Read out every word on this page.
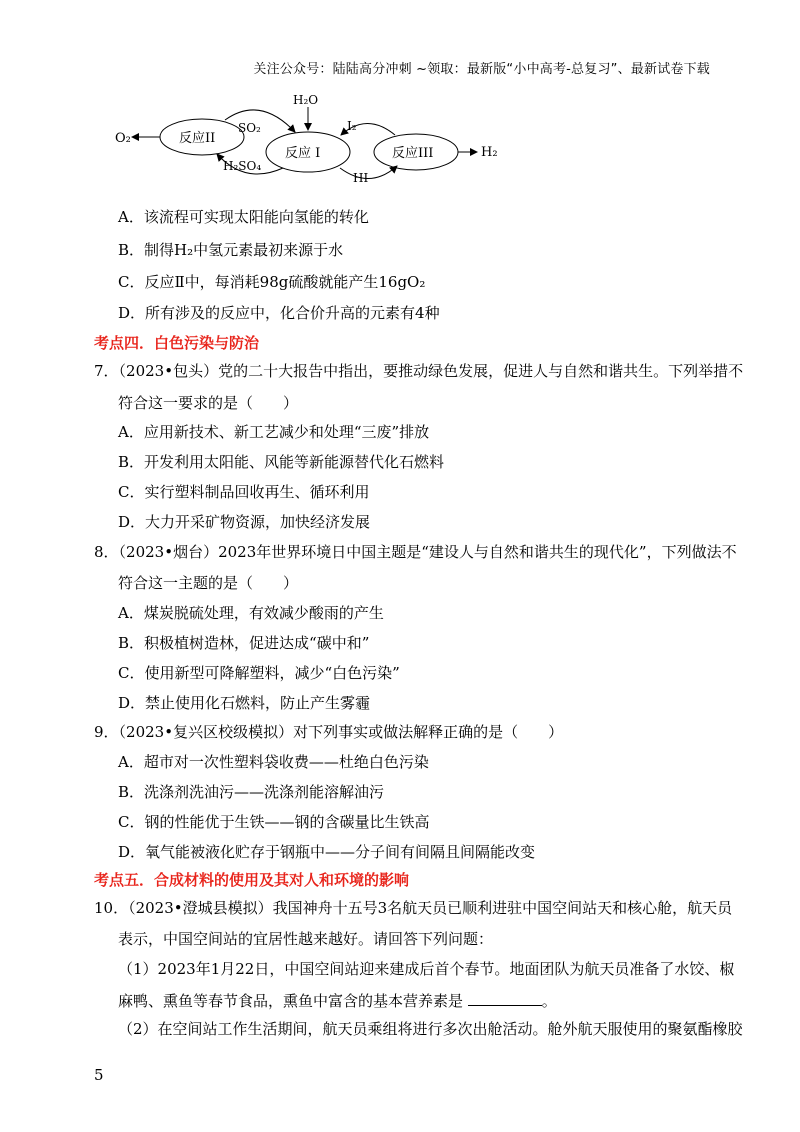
关注公众号：陆陆高分冲刺 ~领取：最新版“小中高考-总复习”、最新试卷下载
O₂	反应II
反应 I	反应III
SO₂
H₂SO₄
H₂O
I₂
HI
H₂
A．该流程可实现太阳能向氢能的转化
B．制得H₂中氢元素最初来源于水
C．反应Ⅱ中，每消耗98g硫酸就能产生16gO₂
D．所有涉及的反应中，化合价升高的元素有4种
考点四．白色污染与防治
7．（2023•包头）党的二十大报告中指出，要推动绿色发展，促进人与自然和谐共生。下列举措不
符合这一要求的是（　　）
A．应用新技术、新工艺减少和处理“三废”排放
B．开发利用太阳能、风能等新能源替代化石燃料
C．实行塑料制品回收再生、循环利用
D．大力开采矿物资源，加快经济发展
8．（2023•烟台）2023年世界环境日中国主题是“建设人与自然和谐共生的现代化”，下列做法不
符合这一主题的是（　　）
A．煤炭脱硫处理，有效减少酸雨的产生
B．积极植树造林，促进达成“碳中和”
C．使用新型可降解塑料，减少“白色污染”
D．禁止使用化石燃料，防止产生雾霾
9．（2023•复兴区校级模拟）对下列事实或做法解释正确的是（　　）
A．超市对一次性塑料袋收费——杜绝白色污染
B．洗涤剂洗油污——洗涤剂能溶解油污
C．钢的性能优于生铁——钢的含碳量比生铁高
D．氧气能被液化贮存于钢瓶中——分子间有间隔且间隔能改变
考点五．合成材料的使用及其对人和环境的影响
10．（2023•澄城县模拟）我国神舟十五号3名航天员已顺利进驻中国空间站天和核心舱，航天员
表示，中国空间站的宜居性越来越好。请回答下列问题：
（1）2023年1月22日，中国空间站迎来建成后首个春节。地面团队为航天员准备了水饺、椒
麻鸭、熏鱼等春节食品，熏鱼中富含的基本营养素是	。
（2）在空间站工作生活期间，航天员乘组将进行多次出舱活动。舱外航天服使用的聚氨酯橡胶
5
